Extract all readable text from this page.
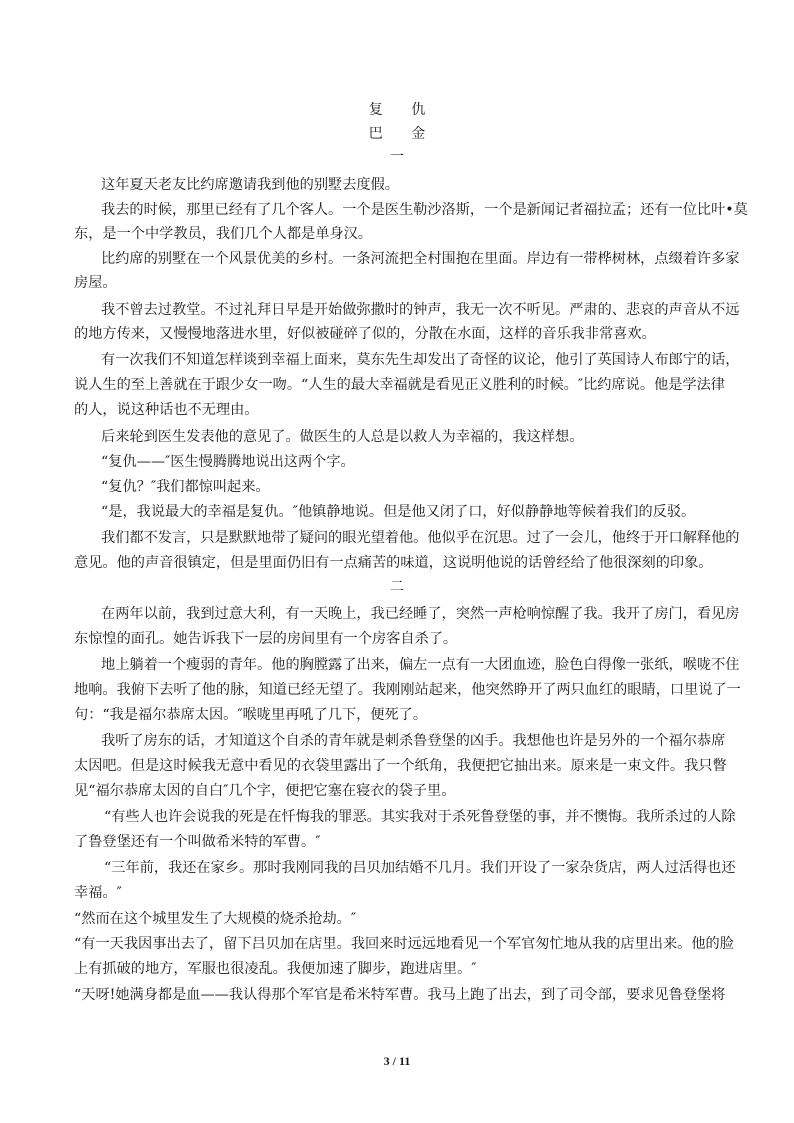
复 仇
巴 金
一
这年夏天老友比约席邀请我到他的别墅去度假。
我去的时候，那里已经有了几个客人。一个是医生勒沙洛斯，一个是新闻记者福拉孟；还有一位比叶•莫
东，是一个中学教员，我们几个人都是单身汉。
比约席的别墅在一个风景优美的乡村。一条河流把全村围抱在里面。岸边有一带桦树林，点缀着许多家
房屋。
我不曾去过教堂。不过礼拜日早是开始做弥撒时的钟声，我无一次不听见。严肃的、悲哀的声音从不远
的地方传来，又慢慢地落进水里，好似被碰碎了似的，分散在水面，这样的音乐我非常喜欢。
有一次我们不知道怎样谈到幸福上面来，莫东先生却发出了奇怪的议论，他引了英国诗人布郎宁的话，
说人生的至上善就在于跟少女一吻。“人生的最大幸福就是看见正义胜利的时候。″比约席说。他是学法律
的人，说这种话也不无理由。
后来轮到医生发表他的意见了。做医生的人总是以救人为幸福的，我这样想。
“复仇——″医生慢腾腾地说出这两个字。
“复仇？″我们都惊叫起来。
“是，我说最大的幸福是复仇。″他镇静地说。但是他又闭了口，好似静静地等候着我们的反驳。
我们都不发言，只是默默地带了疑问的眼光望着他。他似乎在沉思。过了一会儿，他终于开口解释他的
意见。他的声音很镇定，但是里面仍旧有一点痛苦的味道，这说明他说的话曾经给了他很深刻的印象。
二
在两年以前，我到过意大利，有一天晚上，我已经睡了，突然一声枪响惊醒了我。我开了房门，看见房
东惊惶的面孔。她告诉我下一层的房间里有一个房客自杀了。
地上躺着一个瘦弱的青年。他的胸膛露了出来，偏左一点有一大团血迹，脸色白得像一张纸，喉咙不住
地响。我俯下去听了他的脉，知道已经无望了。我刚刚站起来，他突然睁开了两只血红的眼睛，口里说了一
句：“我是福尔恭席太因。″喉咙里再吼了几下，便死了。
我听了房东的话，才知道这个自杀的青年就是刺杀鲁登堡的凶手。我想他也许是另外的一个福尔恭席
太因吧。但是这时候我无意中看见的衣袋里露出了一个纸角，我便把它抽出来。原来是一束文件。我只瞥
见“福尔恭席太因的自白″几个字，便把它塞在寝衣的袋子里。
“有些人也许会说我的死是在忏悔我的罪恶。其实我对于杀死鲁登堡的事，并不懊悔。我所杀过的人除
了鲁登堡还有一个叫做希米特的军曹。″
“三年前，我还在家乡。那时我刚同我的吕贝加结婚不几月。我们开设了一家杂货店，两人过活得也还
幸福。″
“然而在这个城里发生了大规模的烧杀抢劫。″
“有一天我因事出去了，留下吕贝加在店里。我回来时远远地看见一个军官匆忙地从我的店里出来。他的脸
上有抓破的地方，军服也很凌乱。我便加速了脚步，跑进店里。″
“天呀!她满身都是血——我认得那个军官是希米特军曹。我马上跑了出去，到了司令部，要求见鲁登堡将
3 / 11
